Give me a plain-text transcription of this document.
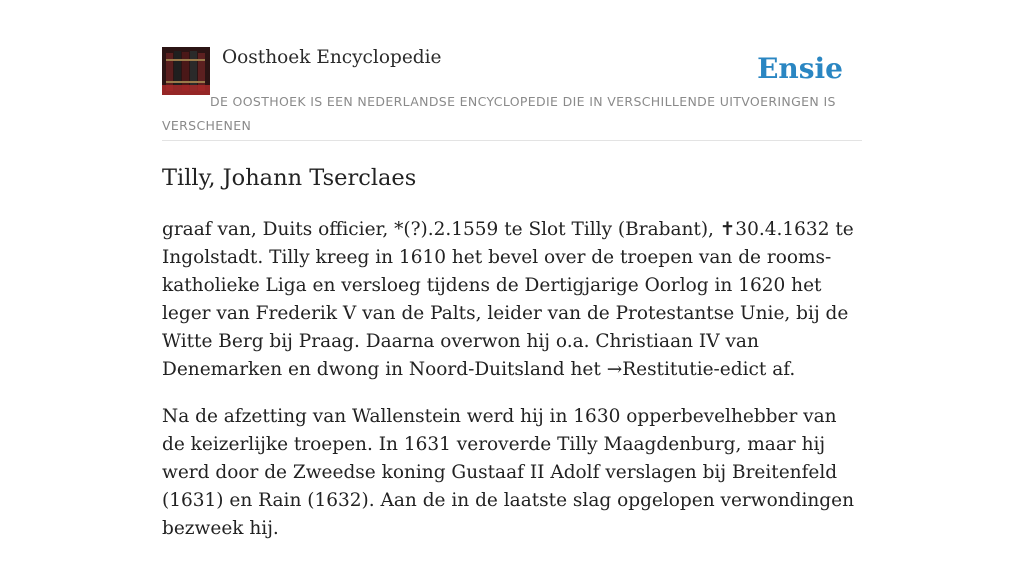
Oosthoek Encyclopedie	Ensie
DE OOSTHOEK IS EEN NEDERLANDSE ENCYCLOPEDIE DIE IN VERSCHILLENDE UITVOERINGEN IS VERSCHENEN
Tilly, Johann Tserclaes

graaf van, Duits officier, *(?).2.1559 te Slot Tilly (Brabant), ✝30.4.1632 te Ingolstadt. Tilly kreeg in 1610 het bevel over de troepen van de rooms-katholieke Liga en versloeg tijdens de Dertigjarige Oorlog in 1620 het leger van Frederik V van de Palts, leider van de Protestantse Unie, bij de Witte Berg bij Praag. Daarna overwon hij o.a. Christiaan IV van Denemarken en dwong in Noord-Duitsland het →Restitutie-edict af.

Na de afzetting van Wallenstein werd hij in 1630 opperbevelhebber van de keizerlijke troepen. In 1631 veroverde Tilly Maagdenburg, maar hij werd door de Zweedse koning Gustaaf II Adolf verslagen bij Breitenfeld (1631) en Rain (1632). Aan de in de laatste slag opgelopen verwondingen bezweek hij.
